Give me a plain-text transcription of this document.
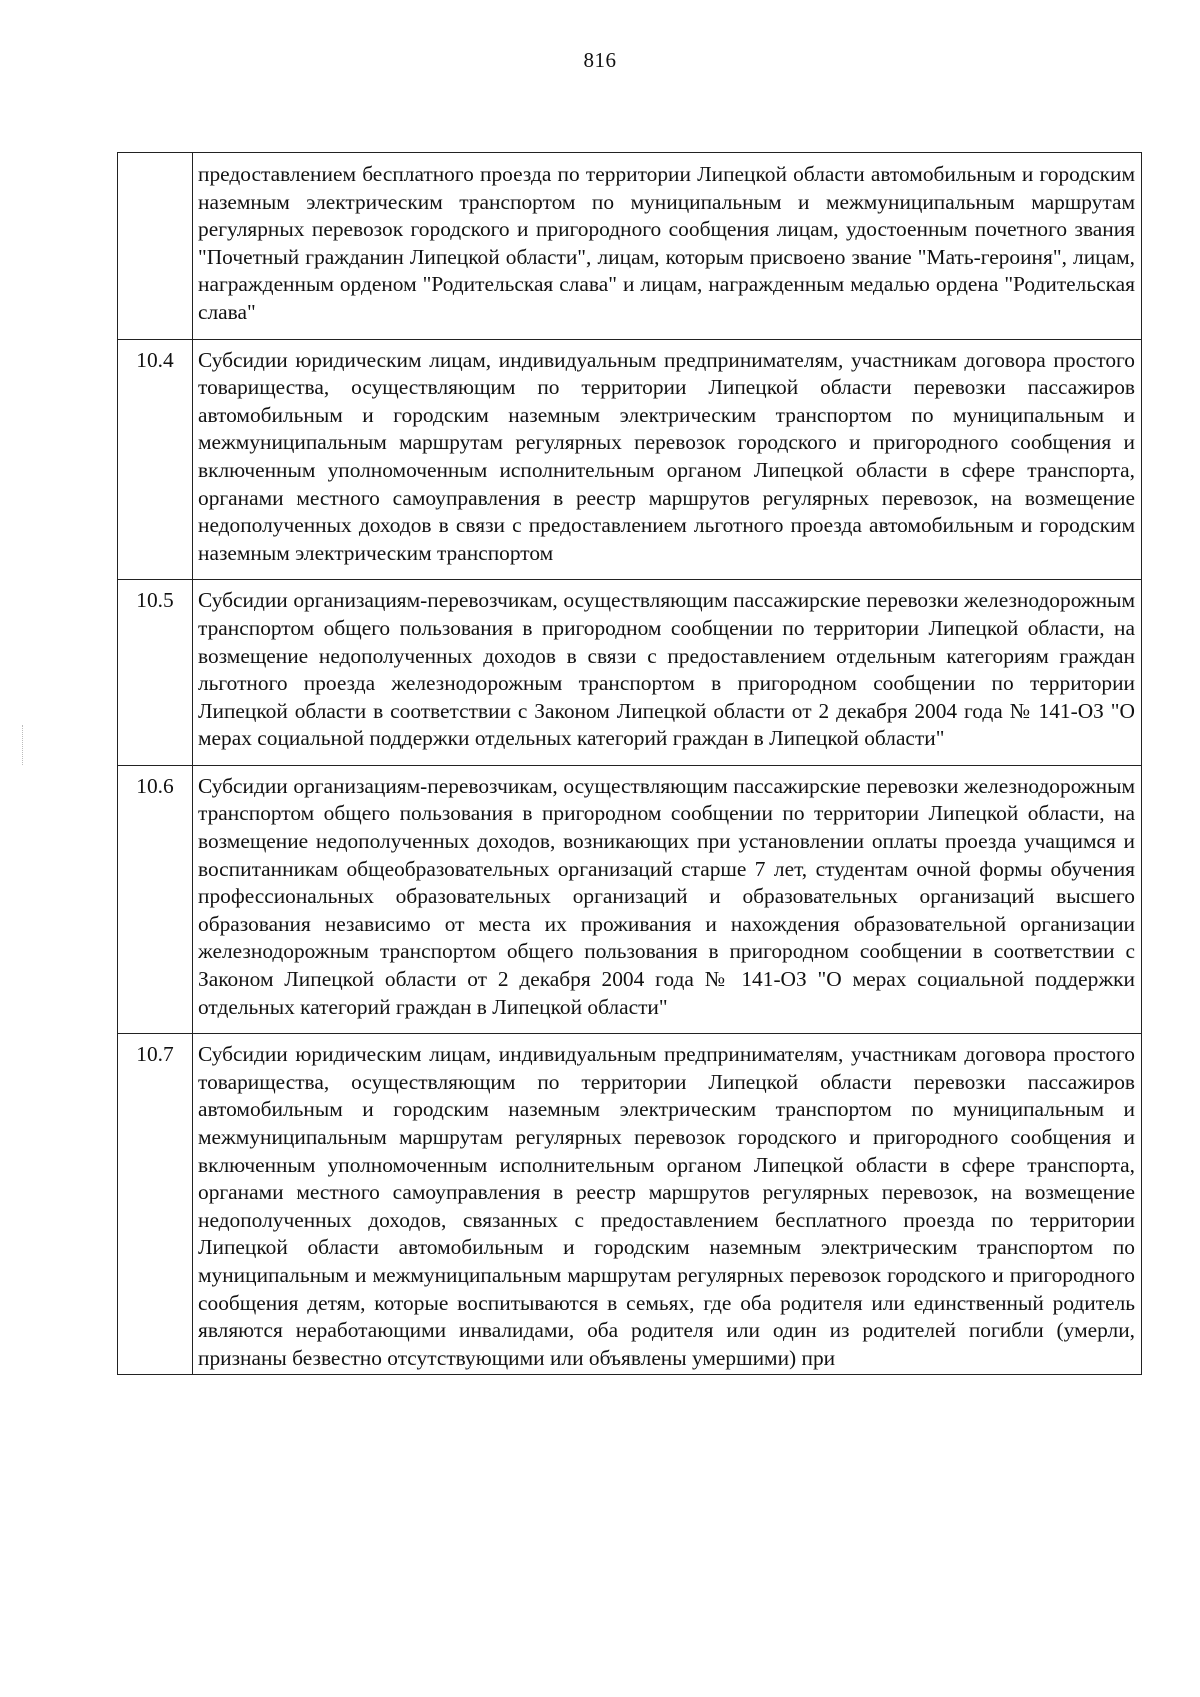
816
	предоставлением бесплатного проезда по территории Липецкой области автомобильным и городским наземным электрическим транспортом по муниципальным и межмуниципальным маршрутам регулярных перевозок городского и пригородного сообщения лицам, удостоенным почетного звания "Почетный гражданин Липецкой области", лицам, которым присвоено звание "Мать-героиня", лицам, награжденным орденом "Родительская слава" и лицам, награжденным медалью ордена "Родительская слава"
10.4	Субсидии юридическим лицам, индивидуальным предпринимателям, участникам договора простого товарищества, осуществляющим по территории Липецкой области перевозки пассажиров автомобильным и городским наземным электрическим транспортом по муниципальным и межмуниципальным маршрутам регулярных перевозок городского и пригородного сообщения и включенным уполномоченным исполнительным органом Липецкой области в сфере транспорта, органами местного самоуправления в реестр маршрутов регулярных перевозок, на возмещение недополученных доходов в связи с предоставлением льготного проезда автомобильным и городским наземным электрическим транспортом
10.5	Субсидии организациям-перевозчикам, осуществляющим пассажирские перевозки железнодорожным транспортом общего пользования в пригородном сообщении по территории Липецкой области, на возмещение недополученных доходов в связи с предоставлением отдельным категориям граждан льготного проезда железнодорожным транспортом в пригородном сообщении по территории Липецкой области в соответствии с Законом Липецкой области от 2 декабря 2004 года № 141-ОЗ "О мерах социальной поддержки отдельных категорий граждан в Липецкой области"
10.6	Субсидии организациям-перевозчикам, осуществляющим пассажирские перевозки железнодорожным транспортом общего пользования в пригородном сообщении по территории Липецкой области, на возмещение недополученных доходов, возникающих при установлении оплаты проезда учащимся и воспитанникам общеобразовательных организаций старше 7 лет, студентам очной формы обучения профессиональных образовательных организаций и образовательных организаций высшего образования независимо от места их проживания и нахождения образовательной организации железнодорожным транспортом общего пользования в пригородном сообщении в соответствии с Законом Липецкой области от 2 декабря 2004 года № 141-ОЗ "О мерах социальной поддержки отдельных категорий граждан в Липецкой области"
10.7	Субсидии юридическим лицам, индивидуальным предпринимателям, участникам договора простого товарищества, осуществляющим по территории Липецкой области перевозки пассажиров автомобильным и городским наземным электрическим транспортом по муниципальным и межмуниципальным маршрутам регулярных перевозок городского и пригородного сообщения и включенным уполномоченным исполнительным органом Липецкой области в сфере транспорта, органами местного самоуправления в реестр маршрутов регулярных перевозок, на возмещение недополученных доходов, связанных с предоставлением бесплатного проезда по территории Липецкой области автомобильным и городским наземным электрическим транспортом по муниципальным и межмуниципальным маршрутам регулярных перевозок городского и пригородного сообщения детям, которые воспитываются в семьях, где оба родителя или единственный родитель являются неработающими инвалидами, оба родителя или один из родителей погибли (умерли, признаны безвестно отсутствующими или объявлены умершими) при
